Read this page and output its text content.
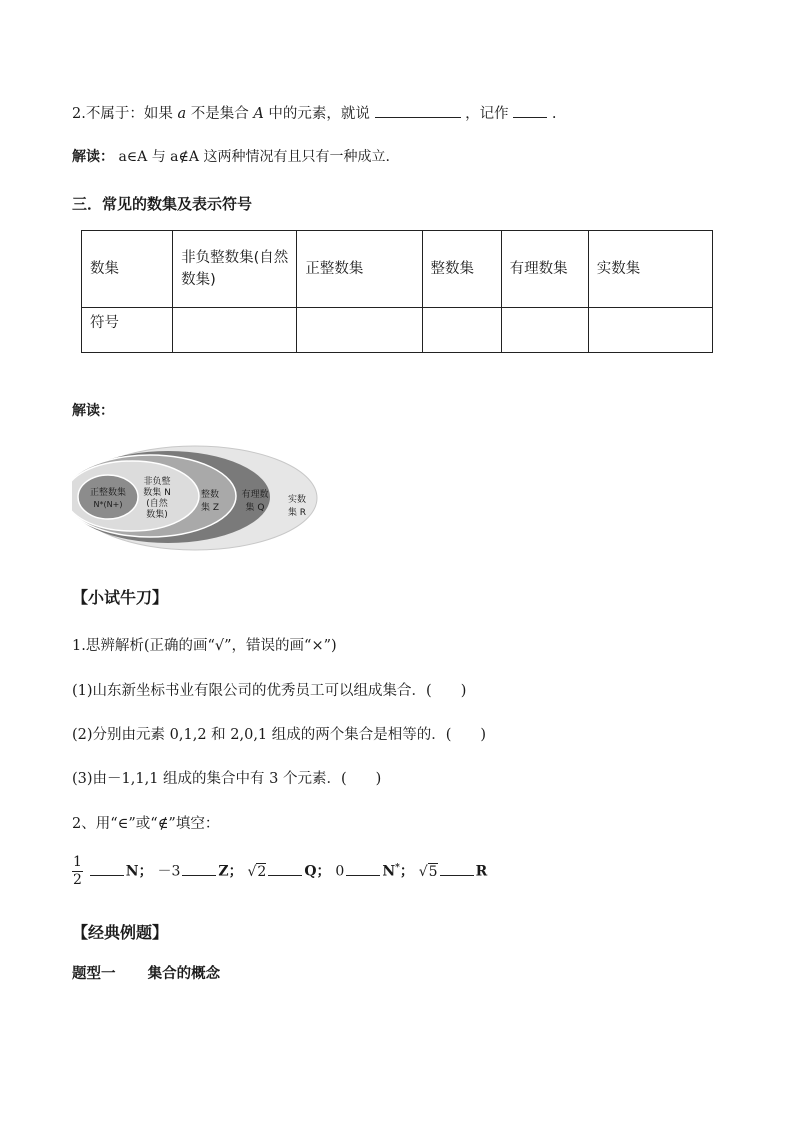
2.不属于：如果 a 不是集合 A 中的元素，就说	，记作	.
解读： a∈A 与 a∉A 这两种情况有且只有一种成立.
三．常见的数集及表示符号
数集	非负整数集(自然数集)	正整数集	整数集	有理数集	实数集
符号					
解读：
正整数集
N*(N+)
非负整
数集 N
(自然
数集)
整数
集 Z
有理数
集 Q
实数
集 R
【小试牛刀】
1.思辨解析(正确的画“√”，错误的画“×”)
(1)山东新坐标书业有限公司的优秀员工可以组成集合．(　　)
(2)分别由元素 0,1,2 和 2,0,1 组成的两个集合是相等的．(　　)
(3)由－1,1,1 组成的集合中有 3 个元素．(　　)
2、用“∈”或“∉”填空：
$\frac{1}{2}$	N； －3	Z； √2	Q； 0	N*； √5	R
【经典例题】
题型一 集合的概念
